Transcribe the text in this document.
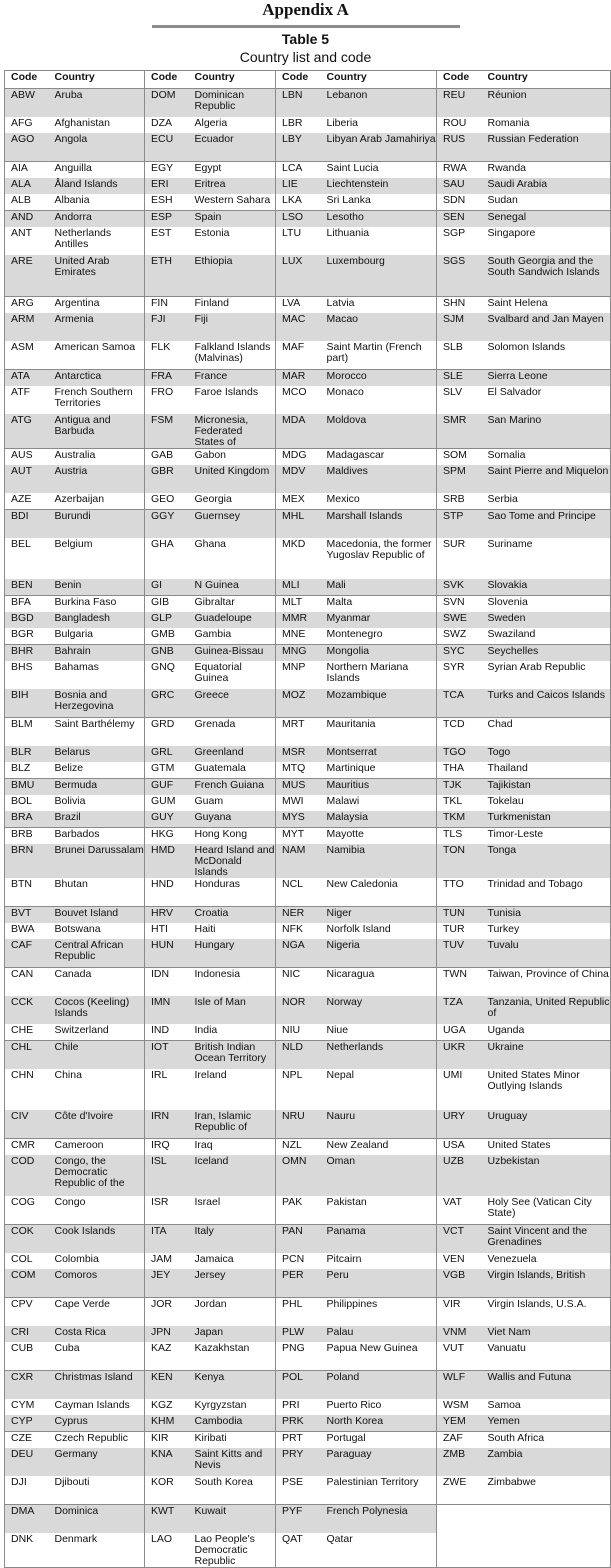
Appendix A
Table 5
Country list and code
Code	Country	Code	Country	Code	Country	Code	Country
ABW	Aruba	DOM	Dominican Republic	LBN	Lebanon	REU	Réunion
AFG	Afghanistan	DZA	Algeria	LBR	Liberia	ROU	Romania
AGO	Angola	ECU	Ecuador	LBY	Libyan Arab Jamahiriya	RUS	Russian Federation
AIA	Anguilla	EGY	Egypt	LCA	Saint Lucia	RWA	Rwanda
ALA	Åland Islands	ERI	Eritrea	LIE	Liechtenstein	SAU	Saudi Arabia
ALB	Albania	ESH	Western Sahara	LKA	Sri Lanka	SDN	Sudan
AND	Andorra	ESP	Spain	LSO	Lesotho	SEN	Senegal
ANT	Netherlands Antilles	EST	Estonia	LTU	Lithuania	SGP	Singapore
ARE	United Arab Emirates	ETH	Ethiopia	LUX	Luxembourg	SGS	South Georgia and the South Sandwich Islands
ARG	Argentina	FIN	Finland	LVA	Latvia	SHN	Saint Helena
ARM	Armenia	FJI	Fiji	MAC	Macao	SJM	Svalbard and Jan Mayen
ASM	American Samoa	FLK	Falkland Islands (Malvinas)	MAF	Saint Martin (French part)	SLB	Solomon Islands
ATA	Antarctica	FRA	France	MAR	Morocco	SLE	Sierra Leone
ATF	French Southern Territories	FRO	Faroe Islands	MCO	Monaco	SLV	El Salvador
ATG	Antigua and Barbuda	FSM	Micronesia, Federated States of	MDA	Moldova	SMR	San Marino
AUS	Australia	GAB	Gabon	MDG	Madagascar	SOM	Somalia
AUT	Austria	GBR	United Kingdom	MDV	Maldives	SPM	Saint Pierre and Miquelon
AZE	Azerbaijan	GEO	Georgia	MEX	Mexico	SRB	Serbia
BDI	Burundi	GGY	Guernsey	MHL	Marshall Islands	STP	Sao Tome and Principe
BEL	Belgium	GHA	Ghana	MKD	Macedonia, the former Yugoslav Republic of	SUR	Suriname
BEN	Benin	GI	N Guinea	MLI	Mali	SVK	Slovakia
BFA	Burkina Faso	GIB	Gibraltar	MLT	Malta	SVN	Slovenia
BGD	Bangladesh	GLP	Guadeloupe	MMR	Myanmar	SWE	Sweden
BGR	Bulgaria	GMB	Gambia	MNE	Montenegro	SWZ	Swaziland
BHR	Bahrain	GNB	Guinea-Bissau	MNG	Mongolia	SYC	Seychelles
BHS	Bahamas	GNQ	Equatorial Guinea	MNP	Northern Mariana Islands	SYR	Syrian Arab Republic
BIH	Bosnia and Herzegovina	GRC	Greece	MOZ	Mozambique	TCA	Turks and Caicos Islands
BLM	Saint Barthélemy	GRD	Grenada	MRT	Mauritania	TCD	Chad
BLR	Belarus	GRL	Greenland	MSR	Montserrat	TGO	Togo
BLZ	Belize	GTM	Guatemala	MTQ	Martinique	THA	Thailand
BMU	Bermuda	GUF	French Guiana	MUS	Mauritius	TJK	Tajikistan
BOL	Bolivia	GUM	Guam	MWI	Malawi	TKL	Tokelau
BRA	Brazil	GUY	Guyana	MYS	Malaysia	TKM	Turkmenistan
BRB	Barbados	HKG	Hong Kong	MYT	Mayotte	TLS	Timor-Leste
BRN	Brunei Darussalam	HMD	Heard Island and McDonald Islands	NAM	Namibia	TON	Tonga
BTN	Bhutan	HND	Honduras	NCL	New Caledonia	TTO	Trinidad and Tobago
BVT	Bouvet Island	HRV	Croatia	NER	Niger	TUN	Tunisia
BWA	Botswana	HTI	Haiti	NFK	Norfolk Island	TUR	Turkey
CAF	Central African Republic	HUN	Hungary	NGA	Nigeria	TUV	Tuvalu
CAN	Canada	IDN	Indonesia	NIC	Nicaragua	TWN	Taiwan, Province of China
CCK	Cocos (Keeling) Islands	IMN	Isle of Man	NOR	Norway	TZA	Tanzania, United Republic of
CHE	Switzerland	IND	India	NIU	Niue	UGA	Uganda
CHL	Chile	IOT	British Indian Ocean Territory	NLD	Netherlands	UKR	Ukraine
CHN	China	IRL	Ireland	NPL	Nepal	UMI	United States Minor Outlying Islands
CIV	Côte d'Ivoire	IRN	Iran, Islamic Republic of	NRU	Nauru	URY	Uruguay
CMR	Cameroon	IRQ	Iraq	NZL	New Zealand	USA	United States
COD	Congo, the Democratic Republic of the	ISL	Iceland	OMN	Oman	UZB	Uzbekistan
COG	Congo	ISR	Israel	PAK	Pakistan	VAT	Holy See (Vatican City State)
COK	Cook Islands	ITA	Italy	PAN	Panama	VCT	Saint Vincent and the Grenadines
COL	Colombia	JAM	Jamaica	PCN	Pitcairn	VEN	Venezuela
COM	Comoros	JEY	Jersey	PER	Peru	VGB	Virgin Islands, British
CPV	Cape Verde	JOR	Jordan	PHL	Philippines	VIR	Virgin Islands, U.S.A.
CRI	Costa Rica	JPN	Japan	PLW	Palau	VNM	Viet Nam
CUB	Cuba	KAZ	Kazakhstan	PNG	Papua New Guinea	VUT	Vanuatu
CXR	Christmas Island	KEN	Kenya	POL	Poland	WLF	Wallis and Futuna
CYM	Cayman Islands	KGZ	Kyrgyzstan	PRI	Puerto Rico	WSM	Samoa
CYP	Cyprus	KHM	Cambodia	PRK	North Korea	YEM	Yemen
CZE	Czech Republic	KIR	Kiribati	PRT	Portugal	ZAF	South Africa
DEU	Germany	KNA	Saint Kitts and Nevis	PRY	Paraguay	ZMB	Zambia
DJI	Djibouti	KOR	South Korea	PSE	Palestinian Territory	ZWE	Zimbabwe
DMA	Dominica	KWT	Kuwait	PYF	French Polynesia		
DNK	Denmark	LAO	Lao People's Democratic Republic	QAT	Qatar		
